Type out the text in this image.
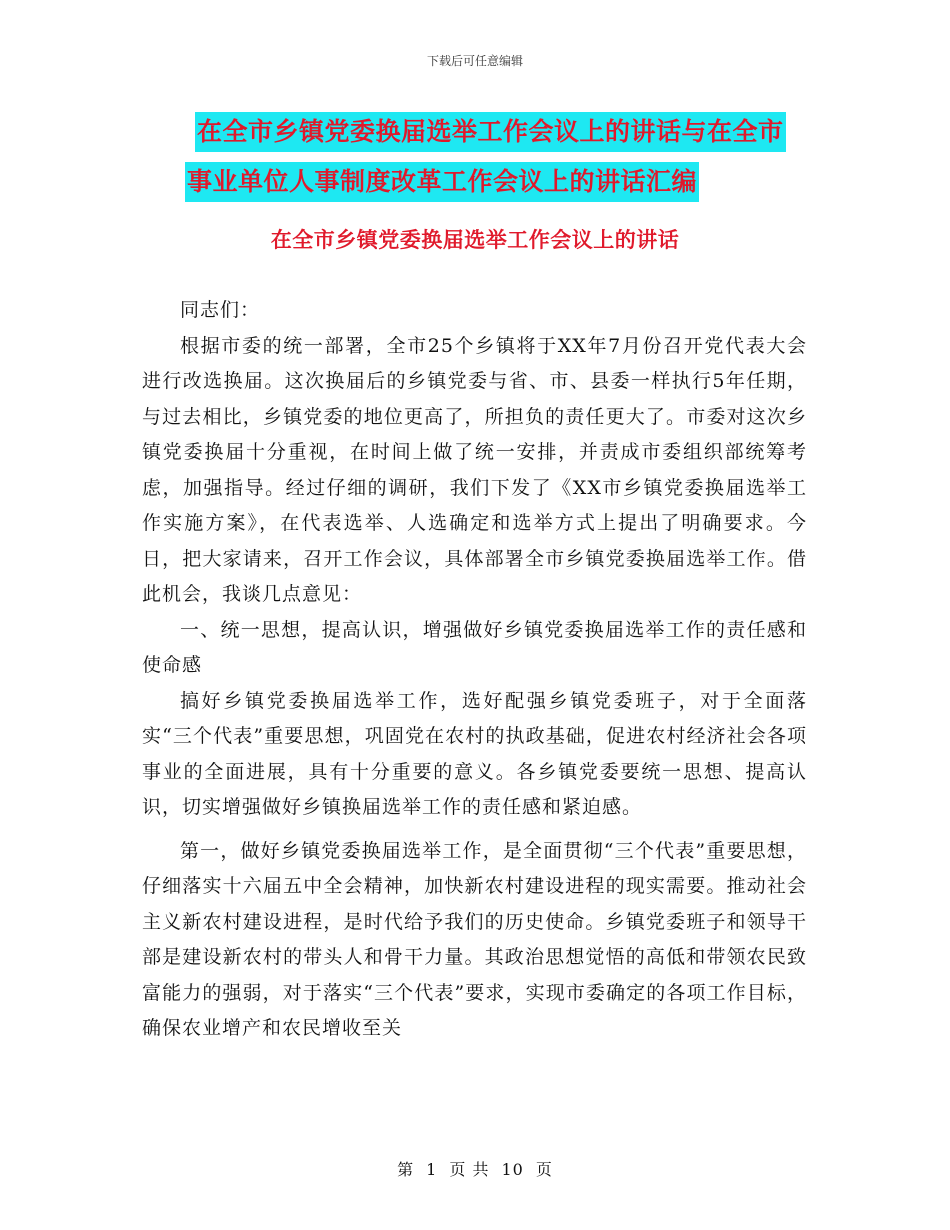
下载后可任意编辑
在全市乡镇党委换届选举工作会议上的讲话与在全市
事业单位人事制度改革工作会议上的讲话汇编
在全市乡镇党委换届选举工作会议上的讲话

同志们：

根据市委的统一部署，全市25个乡镇将于XX年7月份召开党代表大会进行改选换届。这次换届后的乡镇党委与省、市、县委一样执行5年任期，与过去相比，乡镇党委的地位更高了，所担负的责任更大了。市委对这次乡镇党委换届十分重视，在时间上做了统一安排，并责成市委组织部统筹考虑，加强指导。经过仔细的调研，我们下发了《XX市乡镇党委换届选举工作实施方案》，在代表选举、人选确定和选举方式上提出了明确要求。今日，把大家请来，召开工作会议，具体部署全市乡镇党委换届选举工作。借此机会，我谈几点意见：

一、统一思想，提高认识，增强做好乡镇党委换届选举工作的责任感和使命感

搞好乡镇党委换届选举工作，选好配强乡镇党委班子，对于全面落实“三个代表”重要思想，巩固党在农村的执政基础，促进农村经济社会各项事业的全面进展，具有十分重要的意义。各乡镇党委要统一思想、提高认识，切实增强做好乡镇换届选举工作的责任感和紧迫感。

第一，做好乡镇党委换届选举工作，是全面贯彻“三个代表”重要思想，仔细落实十六届五中全会精神，加快新农村建设进程的现实需要。推动社会主义新农村建设进程，是时代给予我们的历史使命。乡镇党委班子和领导干部是建设新农村的带头人和骨干力量。其政治思想觉悟的高低和带领农民致富能力的强弱，对于落实“三个代表”要求，实现市委确定的各项工作目标，确保农业增产和农民增收至关

第 1 页 共 10 页
